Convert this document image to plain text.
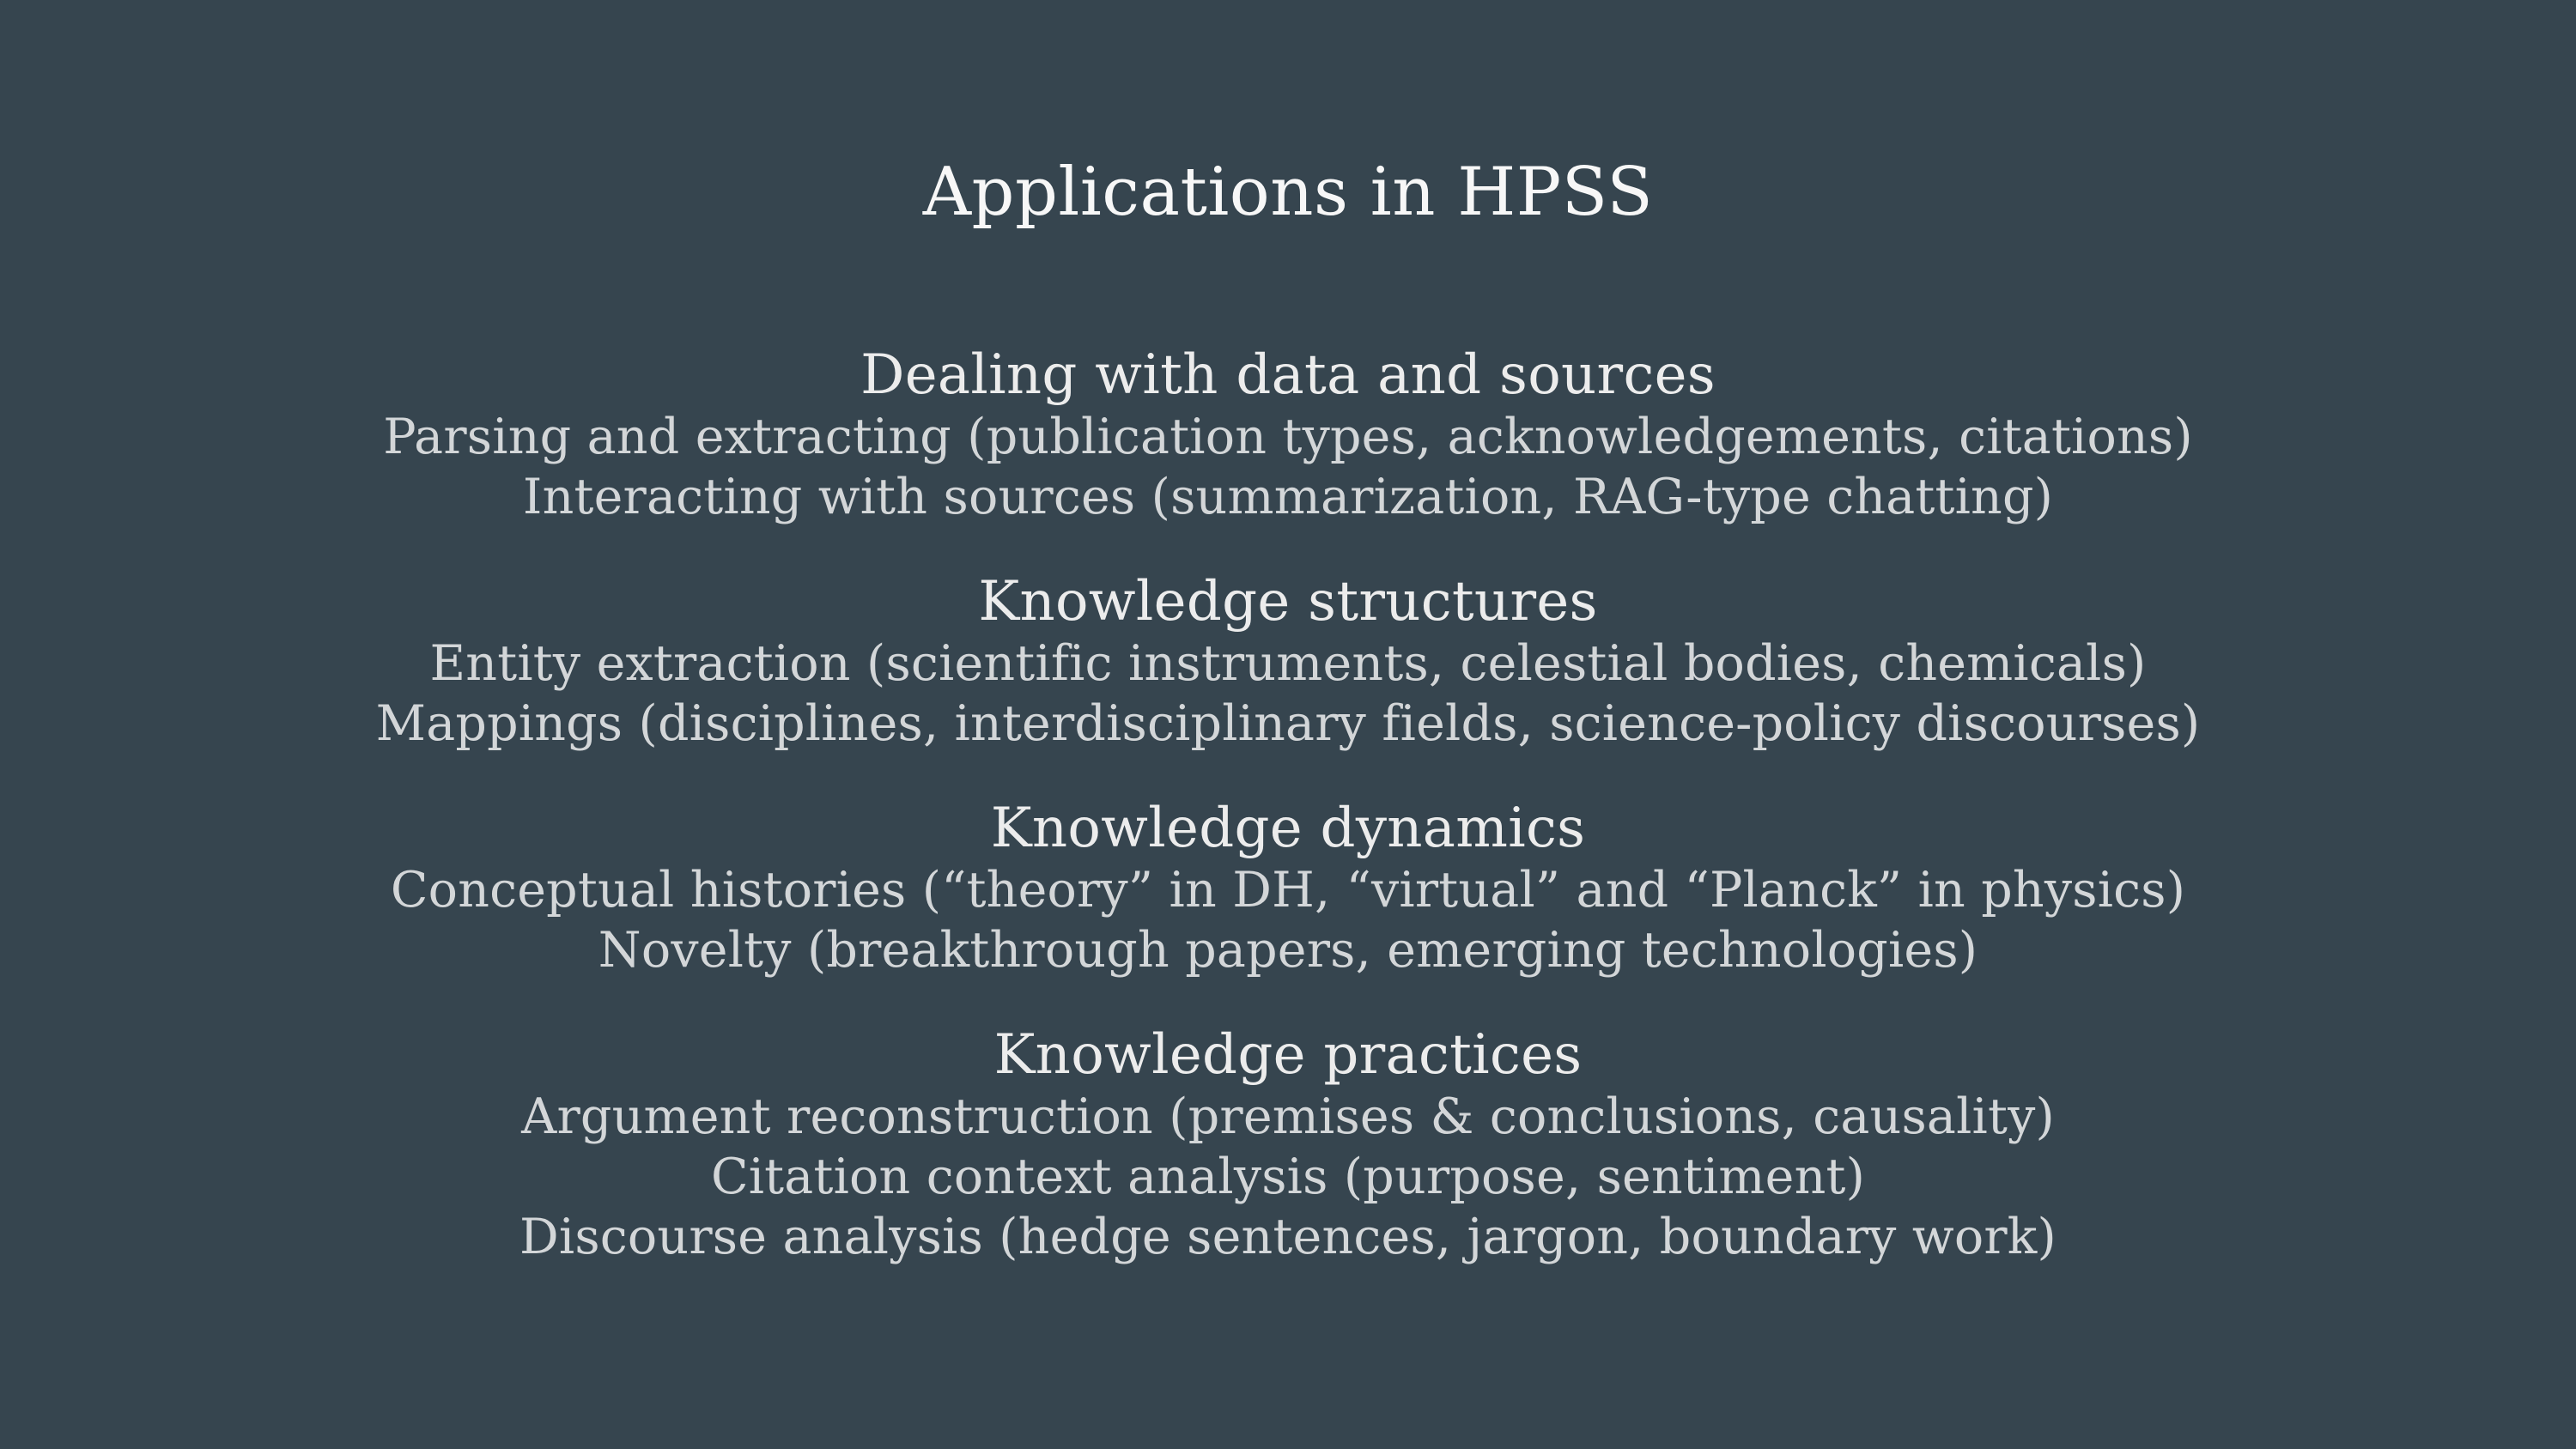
Applications in HPSS
Dealing with data and sources

Parsing and extracting (publication types, acknowledgements, citations)

Interacting with sources (summarization, RAG-type chatting)

Knowledge structures

Entity extraction (scientific instruments, celestial bodies, chemicals)

Mappings (disciplines, interdisciplinary fields, science-policy discourses)

Knowledge dynamics

Conceptual histories (“theory” in DH, “virtual” and “Planck” in physics)

Novelty (breakthrough papers, emerging technologies)

Knowledge practices

Argument reconstruction (premises & conclusions, causality)

Citation context analysis (purpose, sentiment)

Discourse analysis (hedge sentences, jargon, boundary work)
